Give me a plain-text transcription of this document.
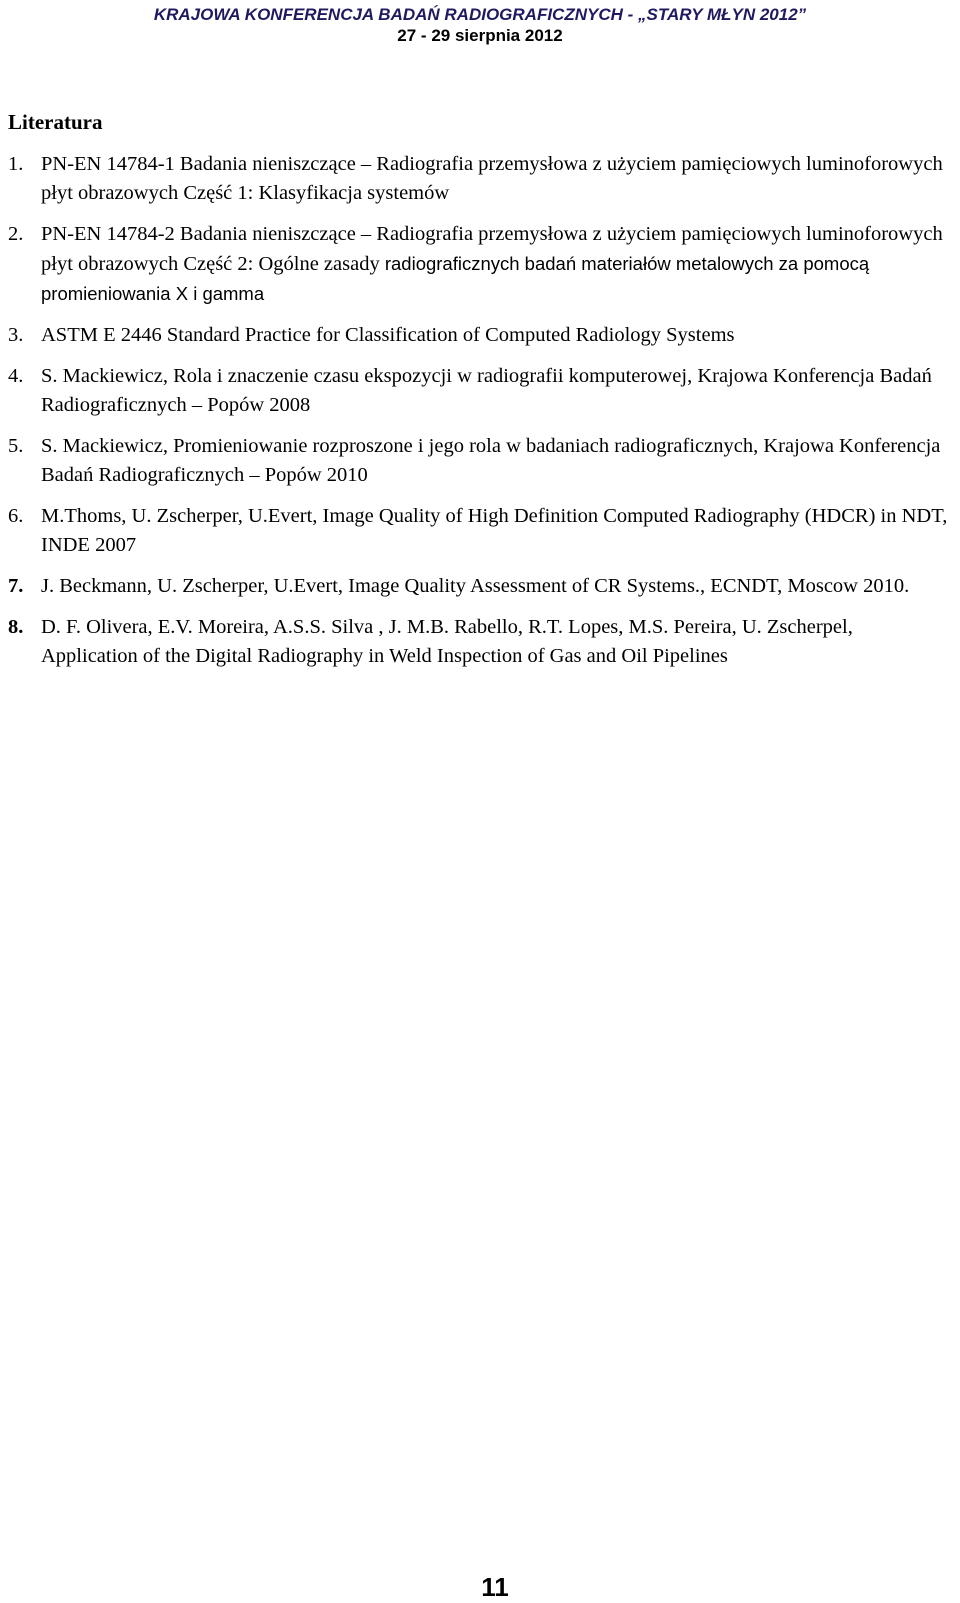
KRAJOWA KONFERENCJA BADAŃ RADIOGRAFICZNYCH - „STARY MŁYN 2012”
27 - 29 sierpnia 2012
Literatura
1. PN-EN 14784-1 Badania nieniszczące – Radiografia przemysłowa z użyciem pamięciowych luminoforowych płyt obrazowych Część 1: Klasyfikacja systemów
2. PN-EN 14784-2 Badania nieniszczące – Radiografia przemysłowa z użyciem pamięciowych luminoforowych płyt obrazowych Część 2: Ogólne zasady radiograficznych badań materiałów metalowych za pomocą promieniowania X i gamma
3. ASTM E 2446 Standard Practice for Classification of Computed Radiology Systems
4. S. Mackiewicz, Rola i znaczenie czasu ekspozycji w radiografii komputerowej, Krajowa Konferencja Badań Radiograficznych – Popów 2008
5. S. Mackiewicz, Promieniowanie rozproszone i jego rola w badaniach radiograficznych, Krajowa Konferencja Badań Radiograficznych – Popów 2010
6. M.Thoms, U. Zscherper, U.Evert, Image Quality of High Definition Computed Radiography (HDCR) in NDT, INDE 2007
7. J. Beckmann, U. Zscherper, U.Evert, Image Quality Assessment of CR Systems., ECNDT, Moscow 2010.
8. D. F. Olivera, E.V. Moreira, A.S.S. Silva , J. M.B. Rabello, R.T. Lopes, M.S. Pereira, U. Zscherpel, Application of the Digital Radiography in Weld Inspection of Gas and Oil Pipelines
11
